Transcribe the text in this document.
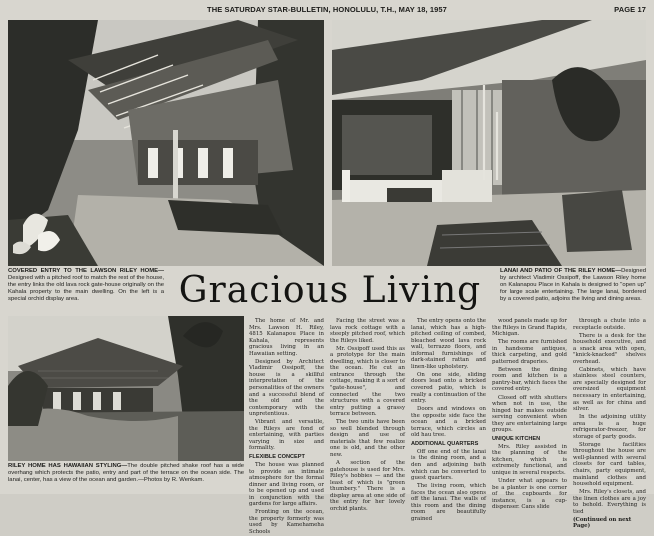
THE SATURDAY STAR-BULLETIN, HONOLULU, T.H., MAY 18, 1957	PAGE 17
COVERED ENTRY TO THE LAWSON RILEY HOME—Designed with a pitched roof to match the rest of the house, the entry links the old lava rock gate-house originally on the Kahala property to the main dwelling. On the left is a special orchid display area.
LANAI AND PATIO OF THE RILEY HOME—Designed by architect Vladimir Ossipoff, the Lawson Riley home on Kalanapou Place in Kahala is designed to "open up" for large scale entertaining. The large lanai, bordered by a covered patio, adjoins the living and dining areas.
RILEY HOME HAS HAWAIIAN STYLING—The double pitched shake roof has a wide overhang which protects the patio, entry and part of the terrace on the ocean side. The lanai, center, has a view of the ocean and garden.—Photos by R. Wenkam.
Gracious Living

The home of Mr. and Mrs. Lawson H. Riley, 4815 Kalanapou Place in Kahala, represents gracious living in an Hawaiian setting.

Designed by Architect Vladimir Ossipoff, the house is a skillful interpretation of the personalities of the owners and a successful blend of the old and the contemporary with the unpretentious.

Vibrant and versatile, the Rileys are fond of entertaining, with parties varying in size and formality.

FLEXIBLE CONCEPT

The house was planned to provide an intimate atmosphere for the formal dinner and living room, or to be opened up and used in conjunction with the gardens for large affairs.

Fronting on the ocean, the property formerly was used by Kamehameha Schools

Facing the street was a lava rock cottage with a steeply pitched roof, which the Rileys liked.

Mr. Ossipoff used this as a prototype for the main dwelling, which is closer to the ocean. He cut an entrance through the cottage, making it a sort of "gate-house", and connected the two structures with a covered entry putting a grassy terrace between.

The two units have been so well blended through design and use of materials that few realize one is old, and the other new.

A section of the gatehouse is used for Mrs. Riley's hobbies — and the least of which is "green thumbery." There is a display area at one side of the entry for her lovely orchid plants.

The entry opens onto the lanai, which has a high-pitched ceiling of combed, bleached wood lava rock wall, terrazzo floors, and informal furnishings of dark-stained rattan and linen-like upholstery.

On one side, sliding doors lead onto a bricked covered patio, which is really a continuation of the entry.

Doors and windows on the opposite side face the ocean and a bricked terrace, which circles an old hau tree.

ADDITIONAL QUARTERS

Off one end of the lanai is the dining room, and a den and adjoining bath which can be converted to guest quarters.

The living room, which faces the ocean also opens off the lanai. The walls of this room and the dining room are beautifully grained

wood panels made up for the Rileys in Grand Rapids, Michigan.

The rooms are furnished in handsome antiques, thick carpeting, and gold patterned draperies.

Between the dining room and kitchen is a pantry-bar, which faces the covered entry.

Closed off with shutters when not in use, the hinged bar makes outside serving convenient when they are entertaining large groups.

UNIQUE KITCHEN

Mrs. Riley assisted in the planning of the kitchen, which is extremely functional, and unique in several respects.

Under what appears to be a planter is one corner of the cupboards for instance, is a cup-dispenser. Cans slide

through a chute into a receptacle outside.

There is a desk for the household executive, and a snack area with open, "knick-knacked" shelves overhead.

Cabinets, which have stainless steel counters, are specially designed for oversized equipment necessary in entertaining, as well as for china and silver.

In the adjoining utility area is a huge refrigerator-freezer, for storage of party goods.

Storage facilities throughout the house are well-planned with several closets for card tables, chairs, party equipment, mainland clothes and household equipment.

Mrs. Riley's closets, and the linen clothes are a joy to behold. Everything is tied

(Continued on next Page)
